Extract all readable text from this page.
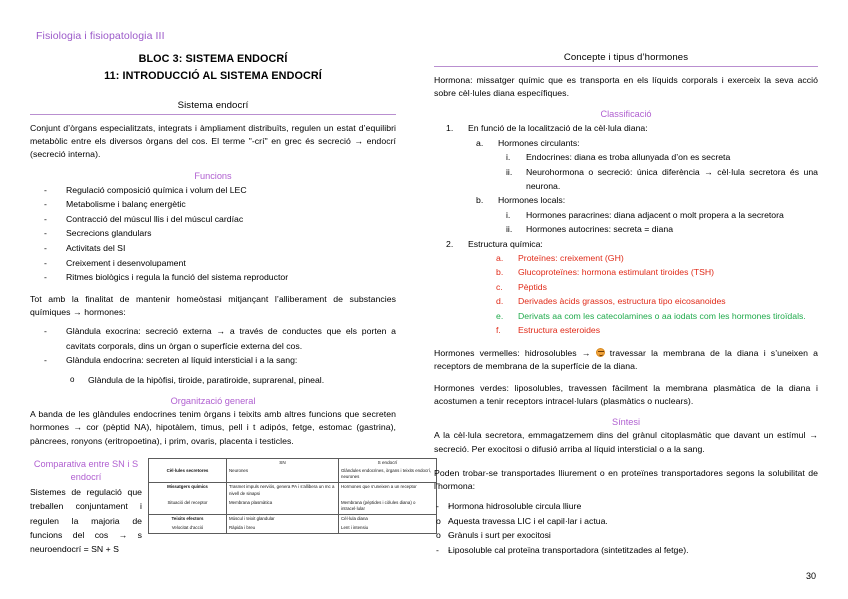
Fisiologia i fisiopatologia III
BLOC 3: SISTEMA ENDOCRÍ
11: INTRODUCCIÓ AL SISTEMA ENDOCRÍ
Sistema endocrí

Conjunt d’òrgans especialitzats, integrats i àmpliament distribuïts, regulen un estat d’equilibri metabòlic entre els diversos òrgans del cos. El terme "-crí" en grec és secreció → endocrí (secreció interna).

Funcions
- Regulació composició química i volum del LEC
- Metabolisme i balanç energètic
- Contracció del múscul llis i del múscul cardíac
- Secrecions glandulars
- Activitats del SI
- Creixement i desenvolupament
- Ritmes biològics i regula la funció del sistema reproductor

Tot amb la finalitat de mantenir homeòstasi mitjançant l’alliberament de substancies químiques → hormones:

- Glàndula exocrina: secreció externa → a través de conductes que els porten a cavitats corporals, dins un òrgan o superfície externa del cos.
- Glàndula endocrina: secreten al líquid intersticial i a la sang:
o Glàndula de la hipòfisi, tiroide, paratiroide, suprarenal, pineal.
Organització general

A banda de les glàndules endocrines tenim òrgans i teixits amb altres funcions que secreten hormones → cor (pèptid NA), hipotàlem, timus, pell i t adipós, fetge, estomac (gastrina), pàncrees, ronyons (eritropoetina), i prim, ovaris, placenta i testicles.

Comparativa entre SN i S endocrí
Sistemes de regulació que treballen conjuntament i regulen la majoria de funcions del cos → s neuroendocrí = SN + S
	SN	S endocrí
Cèl·lules secretores	Neurones	Glàndules endocrines, òrgans i teixits endocrí, neurones
Missatgers químics	Trasmet impuls nerviós, genera PA i s’allibera un mc a nivell de sinapsi	Hormones que s’uneixen a un receptor
Situació del receptor	Membrana plasmàtica	Membrana (pèptides i còlules diana) o intracel·lular
Teixits efectors	Múscul i teixit glandular	Cèl·lula diana
Velocitat d’acció	Ràpida i breu	Lent i intensiu
Concepte i tipus d’hormones

Hormona: missatger químic que es transporta en els líquids corporals i exerceix la seva acció sobre cèl·lules diana específiques.

Classificació
1. En funció de la localització de la cèl·lula diana:
a. Hormones circulants:
i. Endocrines: diana es troba allunyada d’on es secreta
ii. Neurohormona o secreció: única diferència → cèl·lula secretora és una neurona.
b. Hormones locals:
i. Hormones paracrines: diana adjacent o molt propera a la secretora
ii. Hormones autocrines: secreta = diana
2. Estructura química:
a. Proteïnes: creixement (GH)
b. Glucoproteïnes: hormona estimulant tiroides (TSH)
c. Pèptids
d. Derivades àcids grassos, estructura tipo eicosanoides
e. Derivats aa com les catecolamines o aa iodats com les hormones tiroïdals.
f. Estructura esteroides

Hormones vermelles: hidrosolubles →  travessar la membrana de la diana i s’uneixen a receptors de membrana de la superfície de la diana.

Hormones verdes: liposolubles, travessen fàcilment la membrana plasmàtica de la diana i acostumen a tenir receptors intracel·lulars (plasmàtics o nuclears).

Síntesi

A la cèl·lula secretora, emmagatzemem dins del grànul citoplasmàtic que davant un estímul → secreció. Per exocitosi o difusió arriba al líquid intersticial o a la sang.

Poden trobar-se transportades lliurement o en proteïnes transportadores segons la solubilitat de l’hormona:

- - Hormona hidrosoluble circula lliure
- o Aquesta travessa LIC i el capil·lar i actua.
- o Grànuls i surt per exocitosi
- - Liposoluble cal proteïna transportadora (sintetitzades al fetge).
30
